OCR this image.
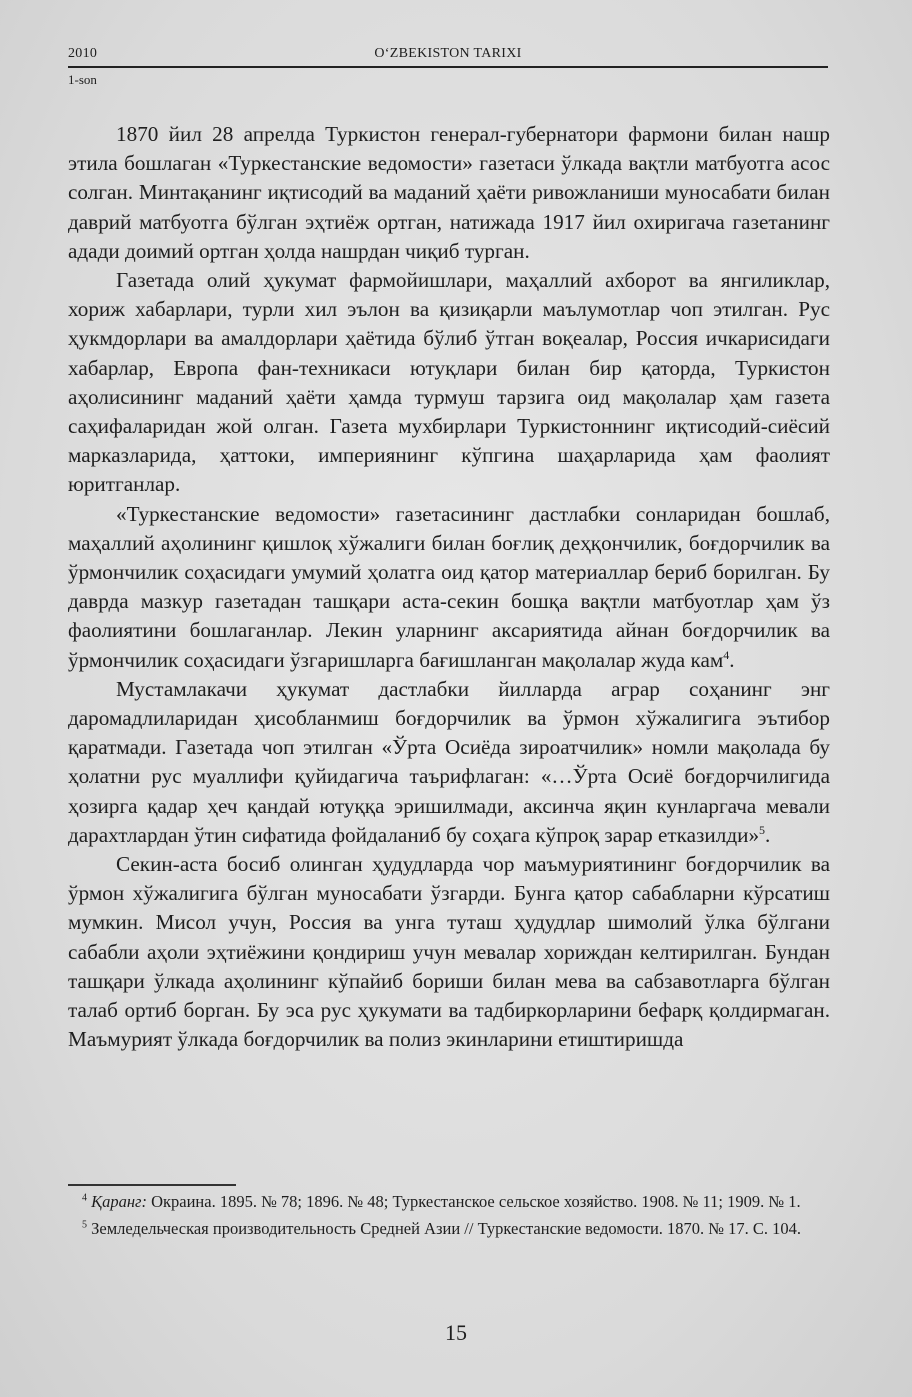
2010	O‘ZBEKISTON TARIXI
1-son

1870 йил 28 апрелда Туркистон генерал-губернатори фармони билан нашр этила бошлаган «Туркестанские ведомости» газетаси ўлкада вақтли матбуотга асос солган. Минтақанинг иқтисодий ва маданий ҳаёти ривожланиши муносабати билан даврий матбуотга бўлган эҳтиёж ортган, натижада 1917 йил охиригача газетанинг адади доимий ортган ҳолда нашрдан чиқиб турган.

Газетада олий ҳукумат фармойишлари, маҳаллий ахборот ва янгиликлар, хориж хабарлари, турли хил эълон ва қизиқарли маълумотлар чоп этилган. Рус ҳукмдорлари ва амалдорлари ҳаётида бўлиб ўтган воқеалар, Россия ичкарисидаги хабарлар, Европа фан-техникаси ютуқлари билан бир қаторда, Туркистон аҳолисининг маданий ҳаёти ҳамда турмуш тарзига оид мақолалар ҳам газета саҳифаларидан жой олган. Газета мухбирлари Туркистоннинг иқтисодий-сиёсий марказларида, ҳаттоки, империянинг кўпгина шаҳарларида ҳам фаолият юритганлар.

«Туркестанские ведомости» газетасининг дастлабки сонларидан бошлаб, маҳаллий аҳолининг қишлоқ хўжалиги билан боғлиқ деҳқончилик, боғдорчилик ва ўрмончилик соҳасидаги умумий ҳолатга оид қатор материаллар бериб борилган. Бу даврда мазкур газетадан ташқари аста-секин бошқа вақтли матбуотлар ҳам ўз фаолиятини бошлаганлар. Лекин уларнинг аксариятида айнан боғдорчилик ва ўрмончилик соҳасидаги ўзгаришларга бағишланган мақолалар жуда кам$^4$.

Мустамлакачи ҳукумат дастлабки йилларда аграр соҳанинг энг даромадлиларидан ҳисобланмиш боғдорчилик ва ўрмон хўжалигига эътибор қаратмади. Газетада чоп этилган «Ўрта Осиёда зироатчилик» номли мақолада бу ҳолатни рус муаллифи қуйидагича таърифлаган: «…Ўрта Осиё боғдорчилигида ҳозирга қадар ҳеч қандай ютуққа эришилмади, аксинча яқин кунларгача мевали дарахтлардан ўтин сифатида фойдаланиб бу соҳага кўпроқ зарар етказилди»$^5$.

Секин-аста босиб олинган ҳудудларда чор маъмуриятининг боғдорчилик ва ўрмон хўжалигига бўлган муносабати ўзгарди. Бунга қатор сабабларни кўрсатиш мумкин. Мисол учун, Россия ва унга туташ ҳудудлар шимолий ўлка бўлгани сабабли аҳоли эҳтиёжини қондириш учун мевалар хориждан келтирилган. Бундан ташқари ўлкада аҳолининг кўпайиб бориши билан мева ва сабзавотларга бўлган талаб ортиб борган. Бу эса рус ҳукумати ва тадбиркорларини бефарқ қолдирмаган. Маъмурият ўлкада боғдорчилик ва полиз экинларини етиштиришда

$^4$ Қаранг: Окраина. 1895. № 78; 1896. № 48; Туркестанское сельское хозяйство. 1908. № 11; 1909. № 1.

$^5$ Земледельческая производительность Средней Азии // Туркестанские ведомости. 1870. № 17. С. 104.

15
